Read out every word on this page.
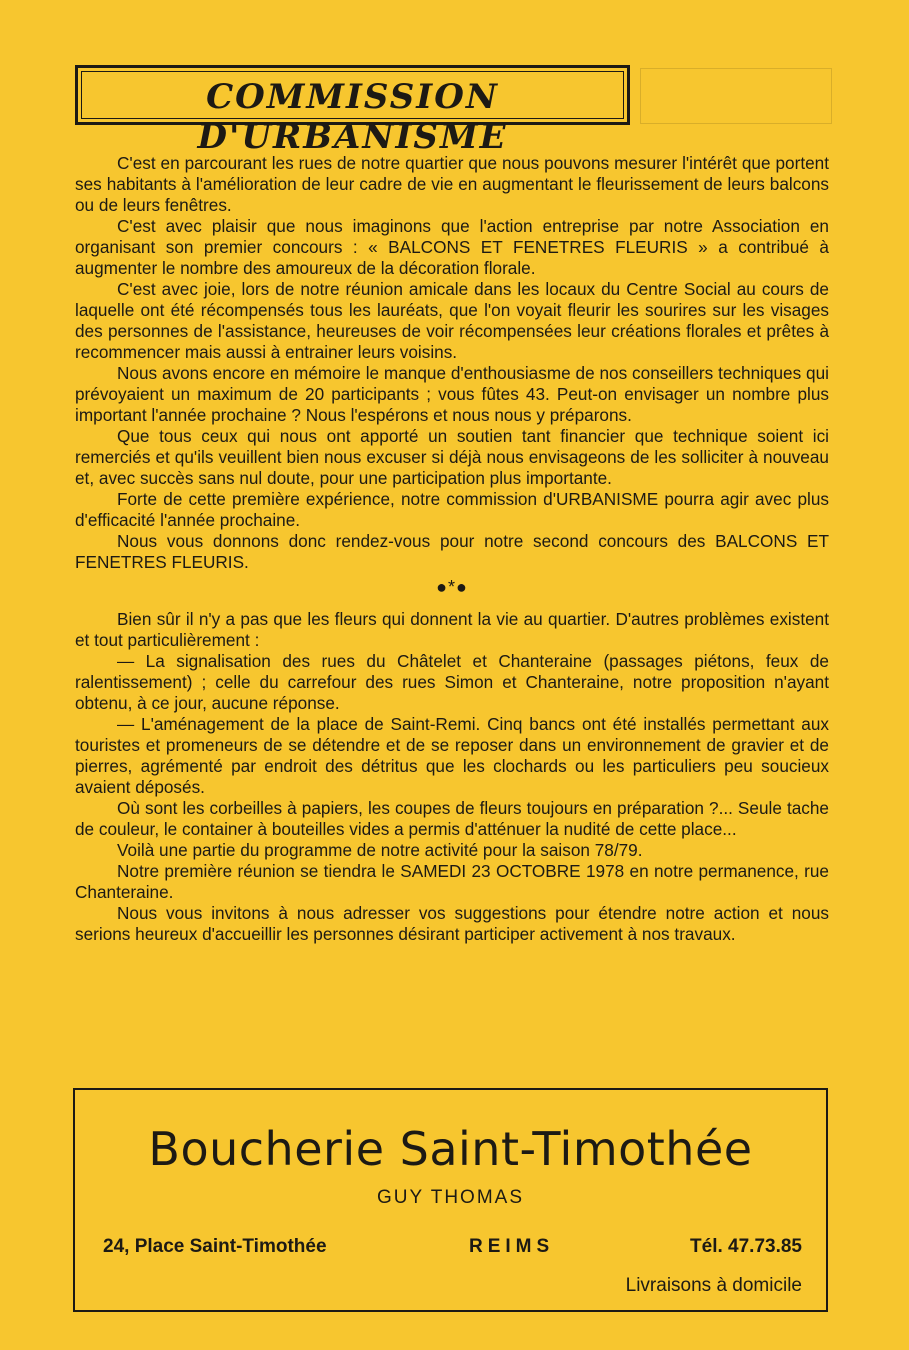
COMMISSION D'URBANISME

C'est en parcourant les rues de notre quartier que nous pouvons mesurer l'intérêt que portent ses habitants à l'amélioration de leur cadre de vie en augmentant le fleurissement de leurs balcons ou de leurs fenêtres.

C'est avec plaisir que nous imaginons que l'action entreprise par notre Association en organisant son premier concours : « BALCONS ET FENETRES FLEURIS » a contribué à augmenter le nombre des amoureux de la décoration florale.

C'est avec joie, lors de notre réunion amicale dans les locaux du Centre Social au cours de laquelle ont été récompensés tous les lauréats, que l'on voyait fleurir les sourires sur les visages des personnes de l'assistance, heureuses de voir récompensées leur créations florales et prêtes à recommencer mais aussi à entrainer leurs voisins.

Nous avons encore en mémoire le manque d'enthousiasme de nos conseillers techniques qui prévoyaient un maximum de 20 participants ; vous fûtes 43. Peut-on envisager un nombre plus important l'année prochaine ? Nous l'espérons et nous nous y préparons.

Que tous ceux qui nous ont apporté un soutien tant financier que technique soient ici remerciés et qu'ils veuillent bien nous excuser si déjà nous envisageons de les solliciter à nouveau et, avec succès sans nul doute, pour une participation plus importante.

Forte de cette première expérience, notre commission d'URBANISME pourra agir avec plus d'efficacité l'année prochaine.

Nous vous donnons donc rendez-vous pour notre second concours des BALCONS ET FENETRES FLEURIS.

●*●

Bien sûr il n'y a pas que les fleurs qui donnent la vie au quartier. D'autres problèmes existent et tout particulièrement :

— La signalisation des rues du Châtelet et Chanteraine (passages piétons, feux de ralentissement) ; celle du carrefour des rues Simon et Chanteraine, notre proposition n'ayant obtenu, à ce jour, aucune réponse.

— L'aménagement de la place de Saint-Remi. Cinq bancs ont été installés permettant aux touristes et promeneurs de se détendre et de se reposer dans un environnement de gravier et de pierres, agrémenté par endroit des détritus que les clochards ou les particuliers peu soucieux avaient déposés.

Où sont les corbeilles à papiers, les coupes de fleurs toujours en préparation ?... Seule tache de couleur, le container à bouteilles vides a permis d'atténuer la nudité de cette place...

Voilà une partie du programme de notre activité pour la saison 78/79.

Notre première réunion se tiendra le SAMEDI 23 OCTOBRE 1978 en notre permanence, rue Chanteraine.

Nous vous invitons à nous adresser vos suggestions pour étendre notre action et nous serions heureux d'accueillir les personnes désirant participer activement à nos travaux.

Boucherie Saint-Timothée
GUY THOMAS
24, Place Saint-Timothée	REIMS	Tél. 47.73.85
Livraisons à domicile
